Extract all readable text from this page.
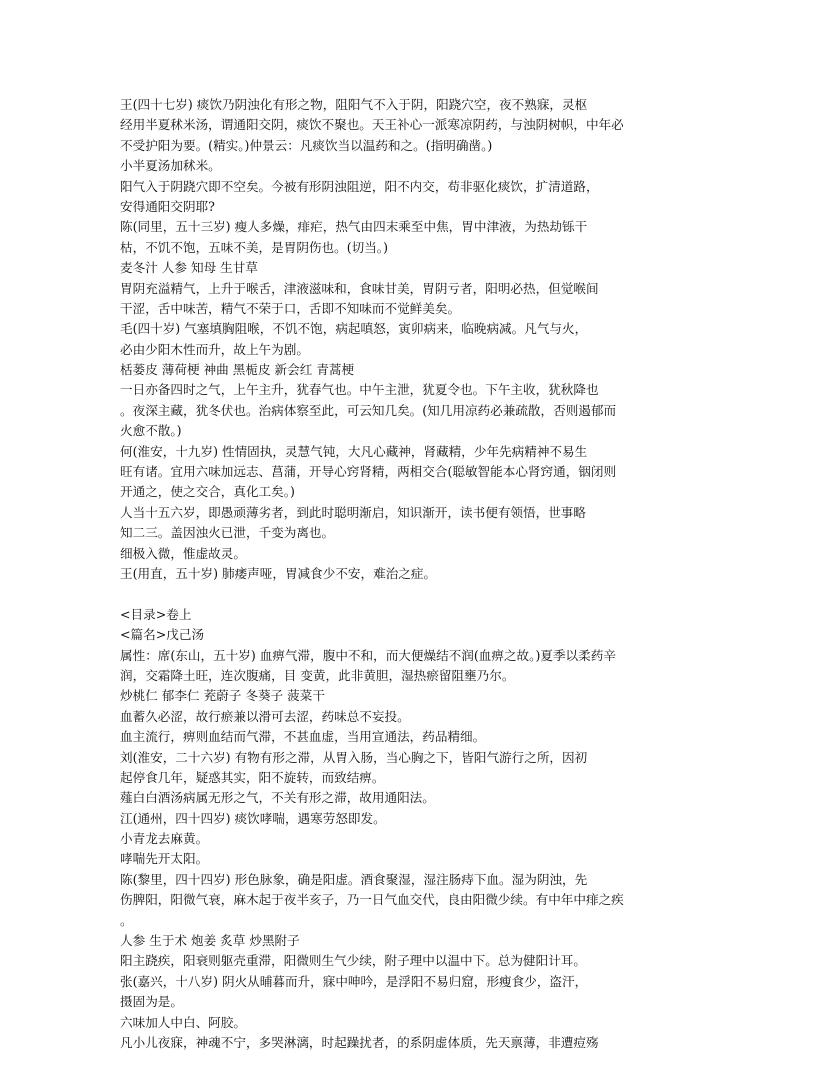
王(四十七岁) 痰饮乃阴浊化有形之物，阻阳气不入于阴，阳跷穴空，夜不熟寐，灵枢
经用半夏秫米汤，谓通阳交阴，痰饮不聚也。天王补心一派寒凉阴药，与浊阴树帜，中年必
不受护阳为要。(精实。)仲景云：凡痰饮当以温药和之。(指明确凿。)
小半夏汤加秫米。
阳气入于阴跷穴即不空矣。今被有形阴浊阻逆，阳不内交，苟非驱化痰饮，扩清道路，
安得通阳交阴耶?
陈(同里，五十三岁) 瘦人多燥，痱疟，热气由四末乘至中焦，胃中津液，为热劫铄干
枯，不饥不饱，五味不美，是胃阴伤也。(切当。)
麦冬汁 人参 知母 生甘草
胃阴充溢精气，上升于喉舌，津液滋味和，食味甘美，胃阴亏者，阳明必热，但觉喉间
干涩，舌中味苦，精气不荣于口，舌即不知味而不觉鲜美矣。
毛(四十岁) 气塞填胸阻喉，不饥不饱，病起嗔怒，寅卯病来，临晚病减。凡气与火，
必由少阳木性而升，故上午为剧。
栝蒌皮 薄荷梗 神曲 黑栀皮 新会红 青蒿梗
一日亦备四时之气，上午主升，犹春气也。中午主泄，犹夏令也。下午主收，犹秋降也
。夜深主藏，犹冬伏也。治病体察至此，可云知几矣。(知几用凉药必兼疏散，否则遏郁而
火愈不散。)
何(淮安，十九岁) 性情固执，灵慧气钝，大凡心藏神，肾藏精，少年先病精神不易生
旺有诸。宜用六味加远志、菖蒲，开导心窍肾精，两相交合(聪敏智能本心肾窍通，铟闭则
开通之，使之交合，真化工矣。)
人当十五六岁，即愚顽薄劣者，到此时聪明渐启，知识渐开，读书便有领悟，世事略
知二三。盖因浊火已泄，千变为离也。
细极入微，惟虚故灵。
王(用直，五十岁) 肺痿声哑，胃减食少不安，难治之症。
<目录>卷上
<篇名>戊己汤
属性：席(东山，五十岁) 血痹气滞，腹中不和，而大便燥结不润(血痹之故。)夏季以柔药辛
润，交霜降土旺，连次腹痛，目 变黄，此非黄胆，湿热瘀留阻壅乃尔。
炒桃仁 郁李仁 茺蔚子 冬葵子 菠菜干
血蓄久必涩，故行瘀兼以滑可去涩，药味总不妄投。
血主流行，痹则血结而气滞，不甚血虚，当用宣通法，药品精细。
刘(淮安，二十六岁) 有物有形之滞，从胃入肠，当心胸之下，皆阳气游行之所，因初
起停食几年，疑惑其实，阳不旋转，而致结痹。
薤白白酒汤病属无形之气，不关有形之滞，故用通阳法。
江(通州，四十四岁) 痰饮哮喘，遇寒劳怒即发。
小青龙去麻黄。
哮喘先开太阳。
陈(黎里，四十四岁) 形色脉象，确是阳虚。酒食聚湿，湿注肠痔下血。湿为阴浊，先
伤脾阳，阳微气衰，麻木起于夜半亥子，乃一日气血交代，良由阳微少续。有中年中痱之疾
。
人参 生于术 炮姜 炙草 炒黑附子
阳主跷疾，阳衰则躯壳重滞，阳微则生气少续，附子理中以温中下。总为健阳计耳。
张(嘉兴，十八岁) 阴火从晡暮而升，寐中呻吟，是浮阳不易归窟，形瘦食少，盗汗，
摄固为是。
六味加人中白、阿胶。
凡小儿夜寐，神魂不宁，多哭淋漓，时起躁扰者，的系阴虚体质，先天禀薄，非遭痘殇
